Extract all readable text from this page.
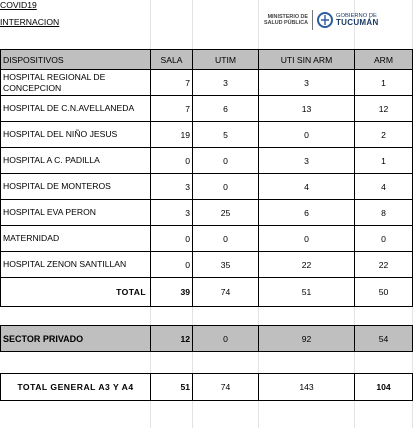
COVID19
INTERNACION	MINISTERIO DE
SALUD PÚBLICA
GOBIERNO DE
TUCUMÁN
DISPOSITIVOS	SALA	UTIM	UTI SIN ARM	ARM
HOSPITAL REGIONAL DE CONCEPCION	7	3	3	1
HOSPITAL DE C.N.AVELLANEDA	7	6	13	12
HOSPITAL DEL NIÑO JESUS	19	5	0	2
HOSPITAL A C. PADILLA	0	0	3	1
HOSPITAL DE MONTEROS	3	0	4	4
HOSPITAL EVA PERON	3	25	6	8
MATERNIDAD	0	0	0	0
HOSPITAL ZENON SANTILLAN	0	35	22	22
TOTAL	39	74	51	50

SECTOR PRIVADO	12	0	92	54

TOTAL GENERAL A3 Y A4	51	74	143	104
